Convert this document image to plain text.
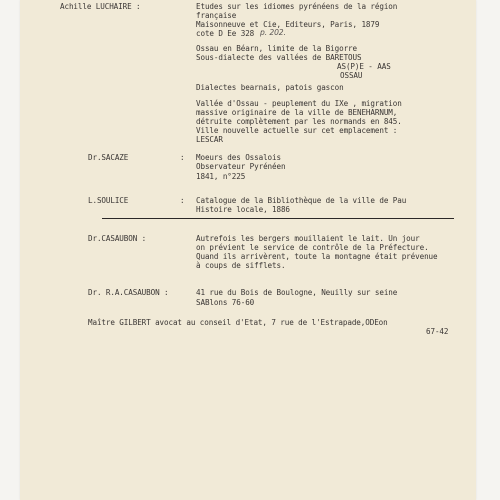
Achille LUCHAIRE :	Etudes sur les idiomes pyrénéens de la région
française
Maisonneuve et Cie, Editeurs, Paris, 1879
cote D Ee 328 p. 202.
Ossau en Béarn, limite de la Bigorre
Sous-dialecte des vallées de BARETOUS
AS(P)E - AAS
OSSAU
Dialectes bearnais, patois gascon
Vallée d'Ossau - peuplement du IXe , migration
massive originaire de la ville de BENEHARNUM,
détruite complètement par les normands en 845.
Ville nouvelle actuelle sur cet emplacement :
LESCAR
Dr.SACAZE	: Moeurs des Ossalois
Observateur Pyrénéen
1841, n°225
L.SOULICE	: Catalogue de la Bibliothèque de la ville de Pau
Histoire locale, 1886
Dr.CASAUBON :	Autrefois les bergers mouillaient le lait. Un jour
on prévient le service de contrôle de la Préfecture.
Quand ils arrivèrent, toute la montagne était prévenue
à coups de sifflets.
Dr. R.A.CASAUBON :	41 rue du Bois de Boulogne, Neuilly sur seine
SABlons 76-60
Maître GILBERT avocat au conseil d'Etat, 7 rue de l'Estrapade,ODEon
67-42
